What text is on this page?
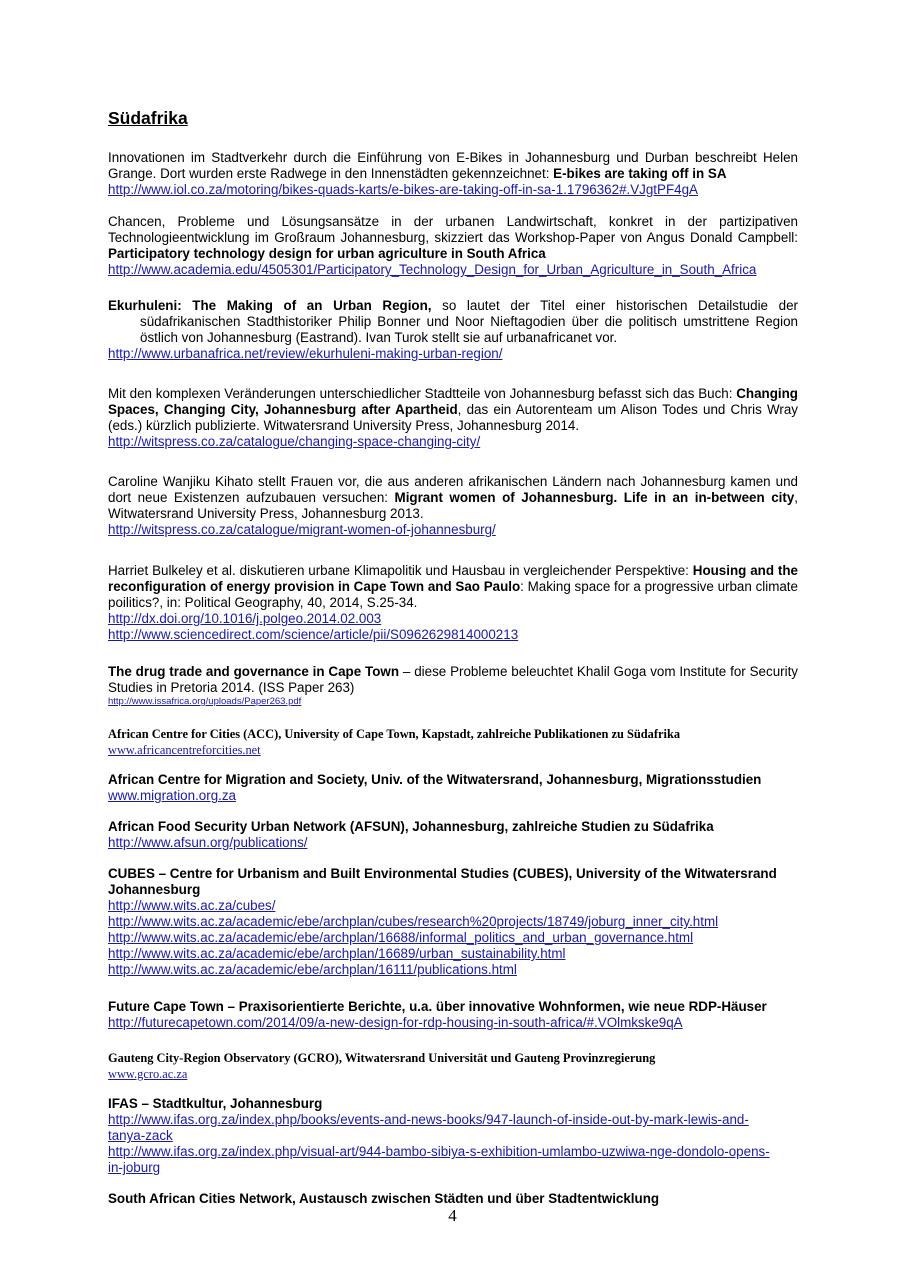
Südafrika

Innovationen im Stadtverkehr durch die Einführung von E-Bikes in Johannesburg und Durban beschreibt Helen Grange. Dort wurden erste Radwege in den Innenstädten gekennzeichnet: E-bikes are taking off in SA

http://www.iol.co.za/motoring/bikes-quads-karts/e-bikes-are-taking-off-in-sa-1.1796362#.VJgtPF4gA

Chancen, Probleme und Lösungsansätze in der urbanen Landwirtschaft, konkret in der partizipativen Technologieentwicklung im Großraum Johannesburg, skizziert das Workshop-Paper von Angus Donald Campbell: Participatory technology design for urban agriculture in South Africa

http://www.academia.edu/4505301/Participatory_Technology_Design_for_Urban_Agriculture_in_South_Africa

Ekurhuleni: The Making of an Urban Region, so lautet der Titel einer historischen Detailstudie der südafrikanischen Stadthistoriker Philip Bonner und Noor Nieftagodien über die politisch umstrittene Region östlich von Johannesburg (Eastrand). Ivan Turok stellt sie auf urbanafricanet vor.

http://www.urbanafrica.net/review/ekurhuleni-making-urban-region/

Mit den komplexen Veränderungen unterschiedlicher Stadtteile von Johannesburg befasst sich das Buch: Changing Spaces, Changing City, Johannesburg after Apartheid, das ein Autorenteam um Alison Todes und Chris Wray (eds.) kürzlich publizierte. Witwatersrand University Press, Johannesburg 2014.

http://witspress.co.za/catalogue/changing-space-changing-city/

Caroline Wanjiku Kihato stellt Frauen vor, die aus anderen afrikanischen Ländern nach Johannesburg kamen und dort neue Existenzen aufzubauen versuchen: Migrant women of Johannesburg. Life in an in-between city, Witwatersrand University Press, Johannesburg 2013.

http://witspress.co.za/catalogue/migrant-women-of-johannesburg/

Harriet Bulkeley et al. diskutieren urbane Klimapolitik und Hausbau in vergleichender Perspektive: Housing and the reconfiguration of energy provision in Cape Town and Sao Paulo: Making space for a progressive urban climate poilitics?, in: Political Geography, 40, 2014, S.25-34.

http://dx.doi.org/10.1016/j.polgeo.2014.02.003
http://www.sciencedirect.com/science/article/pii/S0962629814000213

The drug trade and governance in Cape Town – diese Probleme beleuchtet Khalil Goga vom Institute for Security Studies in Pretoria 2014. (ISS Paper 263)

http://www.issafrica.org/uploads/Paper263.pdf

African Centre for Cities (ACC), University of Cape Town, Kapstadt, zahlreiche Publikationen zu Südafrika

www.africancentreforcities.net

African Centre for Migration and Society, Univ. of the Witwatersrand, Johannesburg, Migrationsstudien

www.migration.org.za

African Food Security Urban Network (AFSUN), Johannesburg, zahlreiche Studien zu Südafrika

http://www.afsun.org/publications/

CUBES – Centre for Urbanism and Built Environmental Studies (CUBES), University of the Witwatersrand Johannesburg

http://www.wits.ac.za/cubes/
http://www.wits.ac.za/academic/ebe/archplan/cubes/research%20projects/18749/joburg_inner_city.html
http://www.wits.ac.za/academic/ebe/archplan/16688/informal_politics_and_urban_governance.html
http://www.wits.ac.za/academic/ebe/archplan/16689/urban_sustainability.html
http://www.wits.ac.za/academic/ebe/archplan/16111/publications.html

Future Cape Town – Praxisorientierte Berichte, u.a. über innovative Wohnformen, wie neue RDP-Häuser

http://futurecapetown.com/2014/09/a-new-design-for-rdp-housing-in-south-africa/#.VOlmkske9qA

Gauteng City-Region Observatory (GCRO), Witwatersrand Universität und Gauteng Provinzregierung

www.gcro.ac.za

IFAS – Stadtkultur, Johannesburg

http://www.ifas.org.za/index.php/books/events-and-news-books/947-launch-of-inside-out-by-mark-lewis-and-
tanya-zack
http://www.ifas.org.za/index.php/visual-art/944-bambo-sibiya-s-exhibition-umlambo-uzwiwa-nge-dondolo-opens-
in-joburg

South African Cities Network, Austausch zwischen Städten und über Stadtentwicklung

4
